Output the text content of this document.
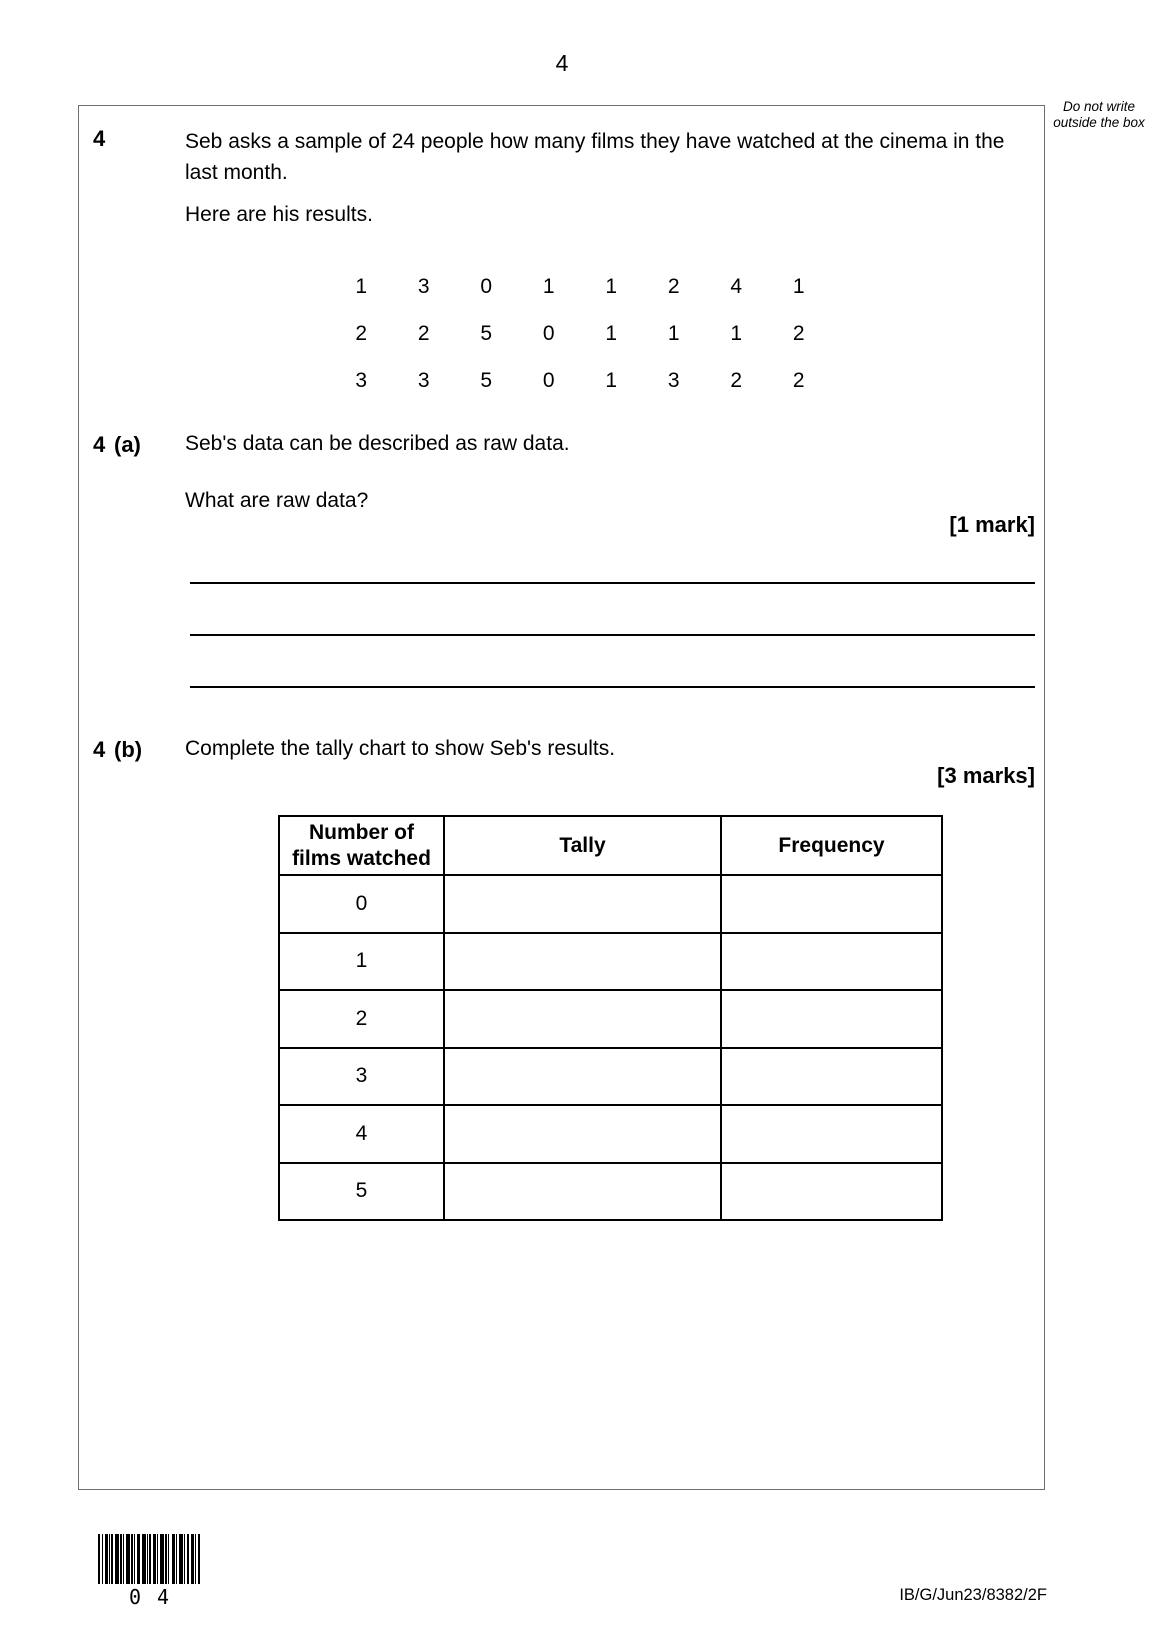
4
Do not write outside the box
4	Seb asks a sample of 24 people how many films they have watched at the cinema in the
last month.
Here are his results.
1	3	0	1	1	2	4	1
2	2	5	0	1	1	1	2
3	3	5	0	1	3	2	2
4 (a) Seb's data can be described as raw data.
What are raw data?
[1 mark]
4 (b) Complete the tally chart to show Seb's results.
[3 marks]
Number of
films watched	Tally	Frequency
0		
1		
2		
3		
4		
5		
0 4	IB/G/Jun23/8382/2F
